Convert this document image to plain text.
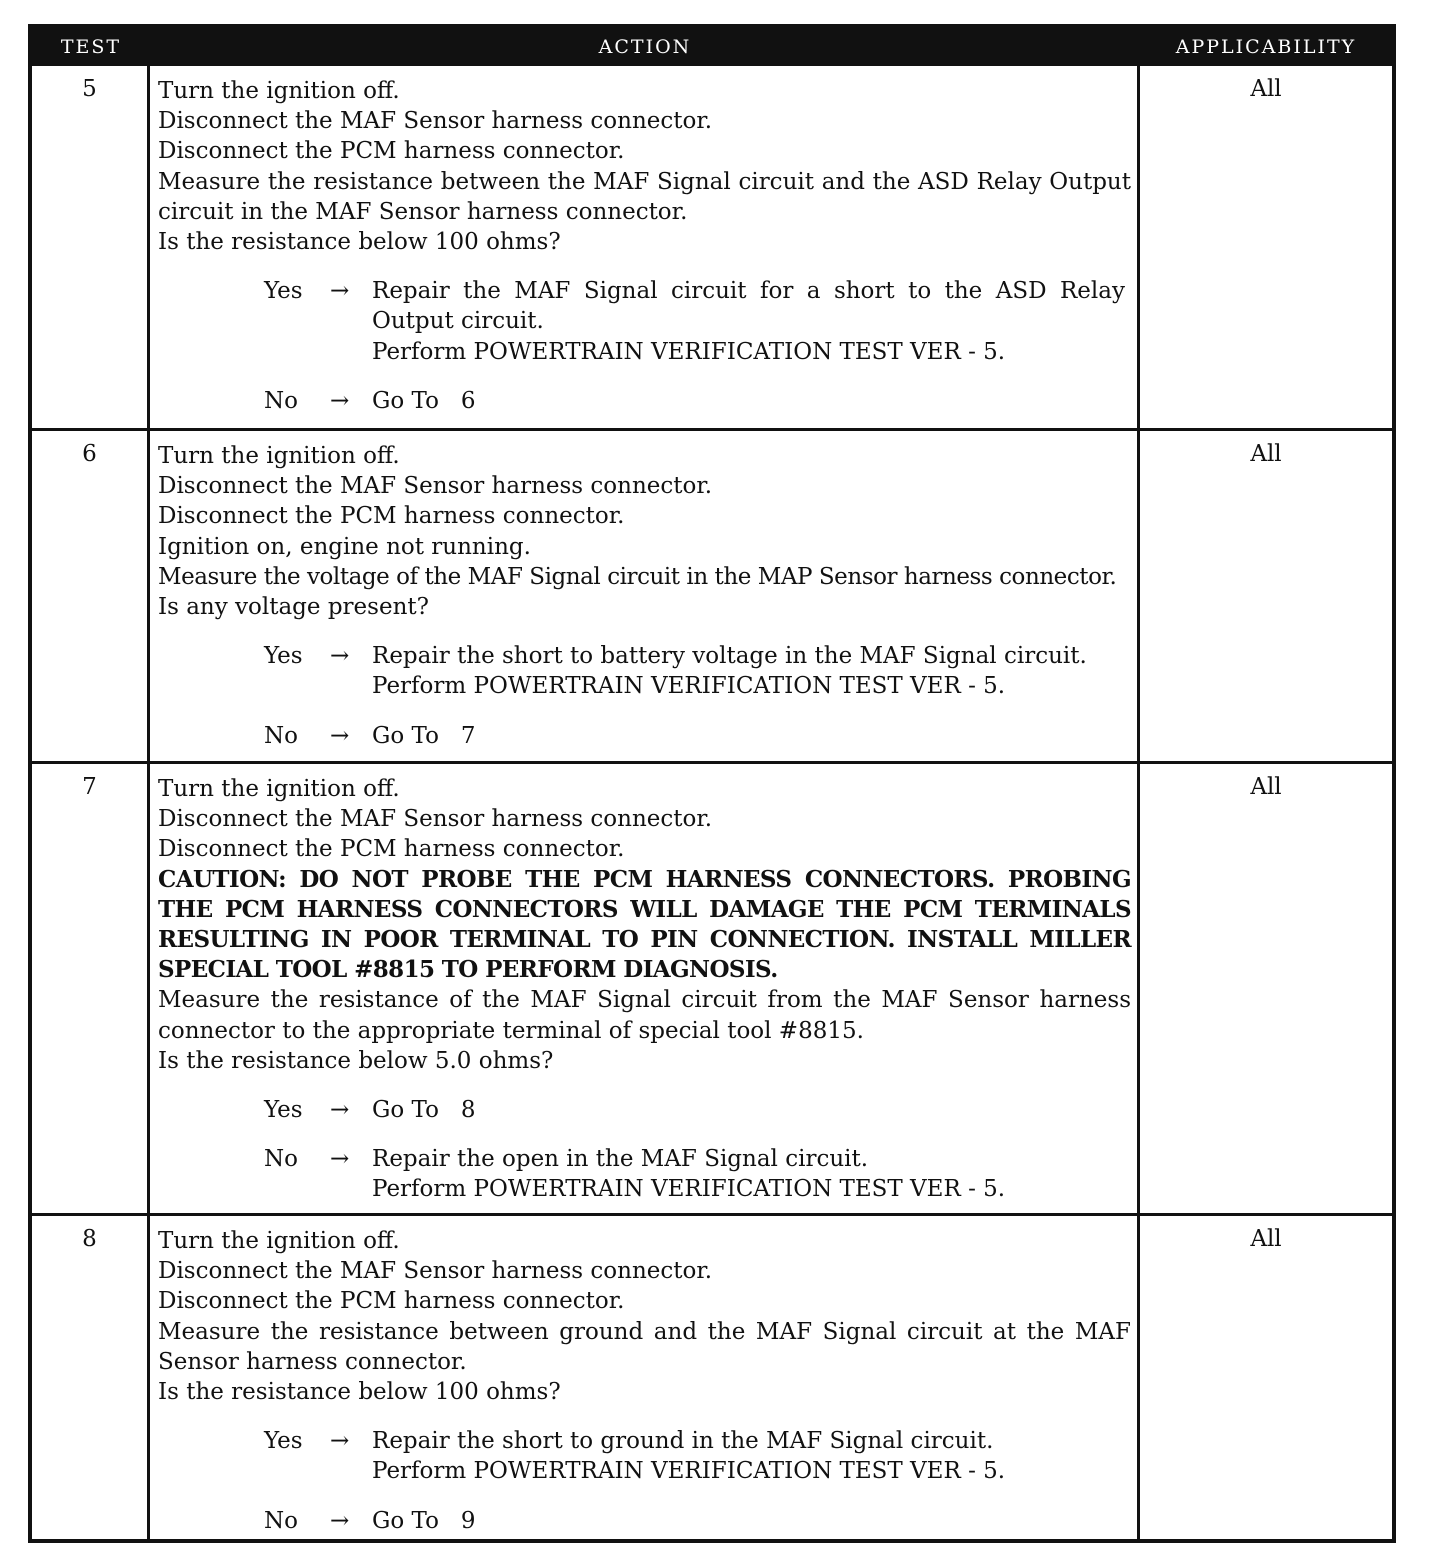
TEST	ACTION	APPLICABILITY
5	Turn the ignition off.
Disconnect the MAF Sensor harness connector.
Disconnect the PCM harness connector.
Measure the resistance between the MAF Signal circuit and the ASD Relay Output circuit in the MAF Sensor harness connector.
Is the resistance below 100 ohms?
Yes	→ Repair the MAF Signal circuit for a short to the ASD Relay Output circuit.
Perform POWERTRAIN VERIFICATION TEST VER - 5.
No	→ Go To   6
All
6	Turn the ignition off.
Disconnect the MAF Sensor harness connector.
Disconnect the PCM harness connector.
Ignition on, engine not running.
Measure the voltage of the MAF Signal circuit in the MAP Sensor harness connector.
Is any voltage present?
Yes	→ Repair the short to battery voltage in the MAF Signal circuit.
Perform POWERTRAIN VERIFICATION TEST VER - 5.
No	→ Go To   7
All
7	Turn the ignition off.
Disconnect the MAF Sensor harness connector.
Disconnect the PCM harness connector.
CAUTION: DO NOT PROBE THE PCM HARNESS CONNECTORS. PROBING THE PCM HARNESS CONNECTORS WILL DAMAGE THE PCM TERMINALS RESULTING IN POOR TERMINAL TO PIN CONNECTION. INSTALL MILLER SPECIAL TOOL #8815 TO PERFORM DIAGNOSIS.
Measure the resistance of the MAF Signal circuit from the MAF Sensor harness connector to the appropriate terminal of special tool #8815.
Is the resistance below 5.0 ohms?
Yes	→ Go To   8
No	→ Repair the open in the MAF Signal circuit.
Perform POWERTRAIN VERIFICATION TEST VER - 5.
All
8	Turn the ignition off.
Disconnect the MAF Sensor harness connector.
Disconnect the PCM harness connector.
Measure the resistance between ground and the MAF Signal circuit at the MAF Sensor harness connector.
Is the resistance below 100 ohms?
Yes	→ Repair the short to ground in the MAF Signal circuit.
Perform POWERTRAIN VERIFICATION TEST VER - 5.
No	→ Go To   9
All
